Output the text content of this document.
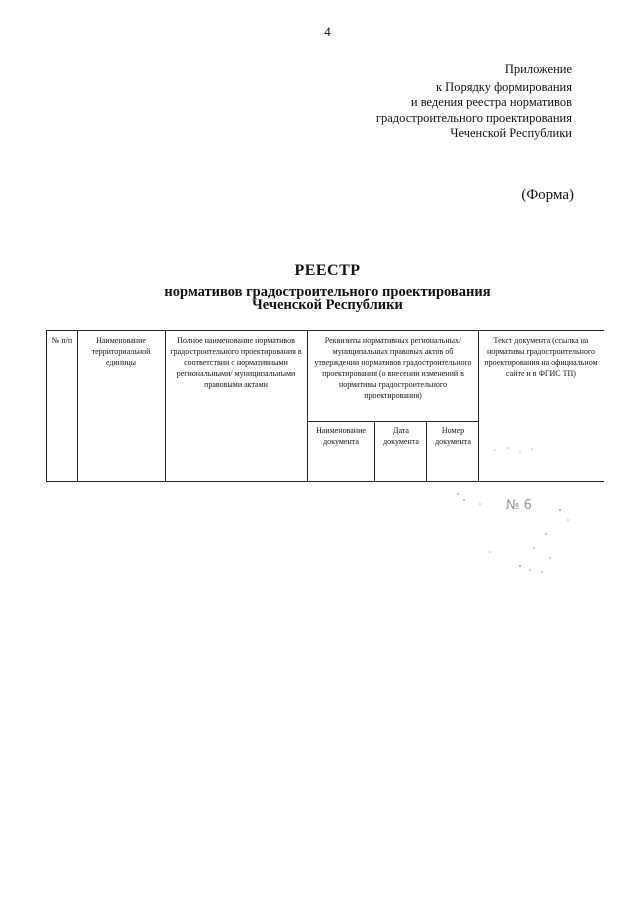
4
Приложение
к Порядку формирования
и ведения реестра нормативов
градостроительного проектирования
Чеченской Республики
(Форма)
РЕЕСТР
нормативов градостроительного проектирования
Чеченской Республики
№ п/п	Наименование территориальной единицы
Полное наименование нормативов градостроительного проектирования в соответствии с нормативными региональными/ муниципальными правовыми актами
Реквизиты нормативных региональных/муниципальных правовых актов об утверждении нормативов градостроительного проектирования (о внесении изменений в нормативы градостроительного проектирования)
Текст документа (ссылка на нормативы градостроительного проектирования на официальном сайте и в ФГИС ТП)
Наименование документа
Дата документа
Номер документа
№ 6
